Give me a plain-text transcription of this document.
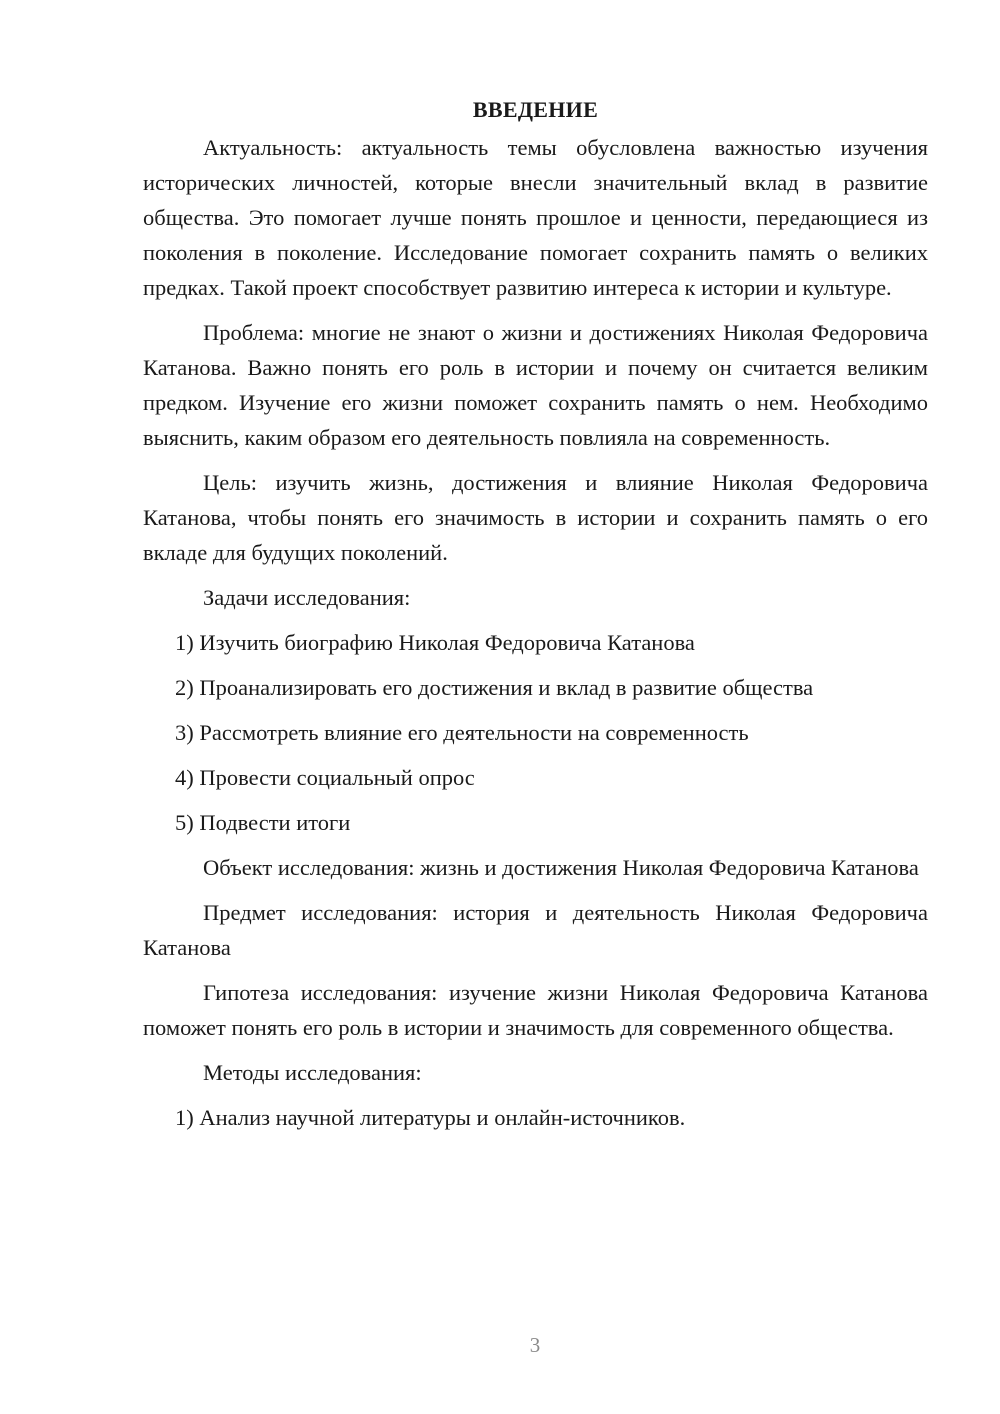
ВВЕДЕНИЕ

Актуальность: актуальность темы обусловлена важностью изучения исторических личностей, которые внесли значительный вклад в развитие общества. Это помогает лучше понять прошлое и ценности, передающиеся из поколения в поколение. Исследование помогает сохранить память о великих предках. Такой проект способствует развитию интереса к истории и культуре.

Проблема: многие не знают о жизни и достижениях Николая Федоровича Катанова. Важно понять его роль в истории и почему он считается великим предком. Изучение его жизни поможет сохранить память о нем. Необходимо выяснить, каким образом его деятельность повлияла на современность.

Цель: изучить жизнь, достижения и влияние Николая Федоровича Катанова, чтобы понять его значимость в истории и сохранить память о его вкладе для будущих поколений.

Задачи исследования:

1) Изучить биографию Николая Федоровича Катанова

2) Проанализировать его достижения и вклад в развитие общества

3) Рассмотреть влияние его деятельности на современность

4) Провести социальный опрос

5) Подвести итоги

Объект исследования: жизнь и достижения Николая Федоровича Катанова

Предмет исследования: история и деятельность Николая Федоровича Катанова

Гипотеза исследования: изучение жизни Николая Федоровича Катанова поможет понять его роль в истории и значимость для современного общества.

Методы исследования:

1) Анализ научной литературы и онлайн-источников.

3
